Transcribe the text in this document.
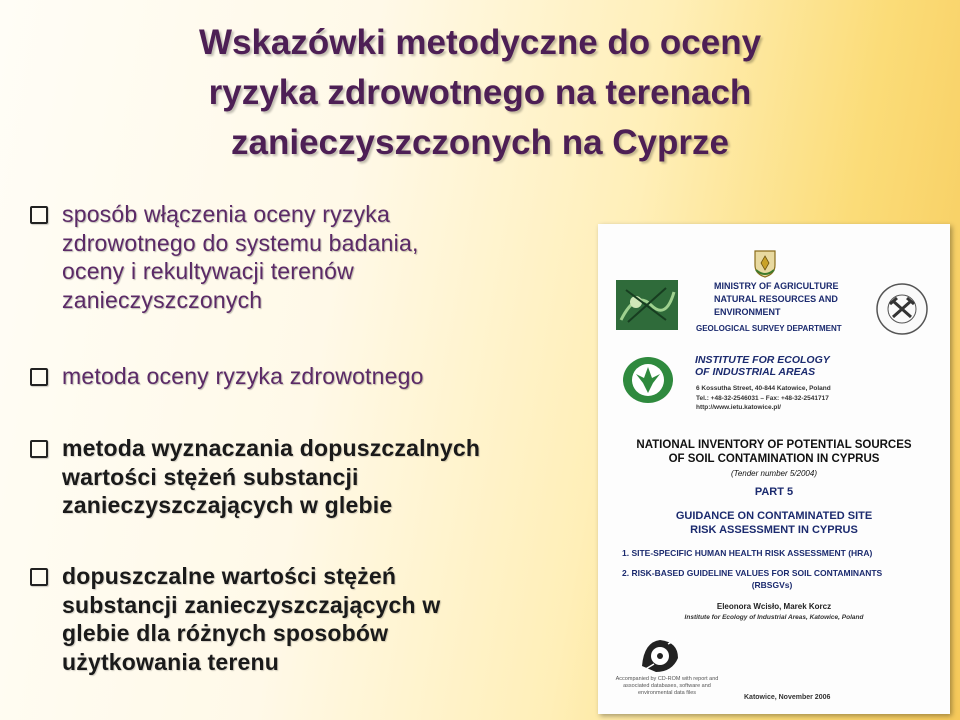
Wskazówki metodyczne do oceny
ryzyka zdrowotnego na terenach
zanieczyszczonych na Cyprze
sposób włączenia oceny ryzyka
zdrowotnego do systemu badania,
oceny i rekultywacji terenów
zanieczyszczonych
metoda oceny ryzyka zdrowotnego
metoda wyznaczania dopuszczalnych
wartości stężeń substancji
zanieczyszczających w glebie
dopuszczalne wartości stężeń
substancji zanieczyszczających w
glebie dla różnych sposobów
użytkowania terenu
MINISTRY OF AGRICULTURE
NATURAL RESOURCES AND
ENVIRONMENT
GEOLOGICAL SURVEY DEPARTMENT
INSTITUTE FOR ECOLOGY
OF INDUSTRIAL AREAS
6 Kossutha Street, 40-844 Katowice, Poland
Tel.: +48-32-2546031 – Fax: +48-32-2541717
http://www.ietu.katowice.pl/
NATIONAL INVENTORY OF POTENTIAL SOURCES
OF SOIL CONTAMINATION IN CYPRUS
(Tender number 5/2004)
PART 5
GUIDANCE ON CONTAMINATED SITE
RISK ASSESSMENT IN CYPRUS
1. SITE-SPECIFIC HUMAN HEALTH RISK ASSESSMENT (HRA)
2. RISK-BASED GUIDELINE VALUES FOR SOIL CONTAMINANTS
(RBSGVs)
Eleonora Wcisło, Marek Korcz
Institute for Ecology of Industrial Areas, Katowice, Poland
Accompanied by CD-ROM with report and
associated databases, software and
environmental data files
Katowice, November 2006
